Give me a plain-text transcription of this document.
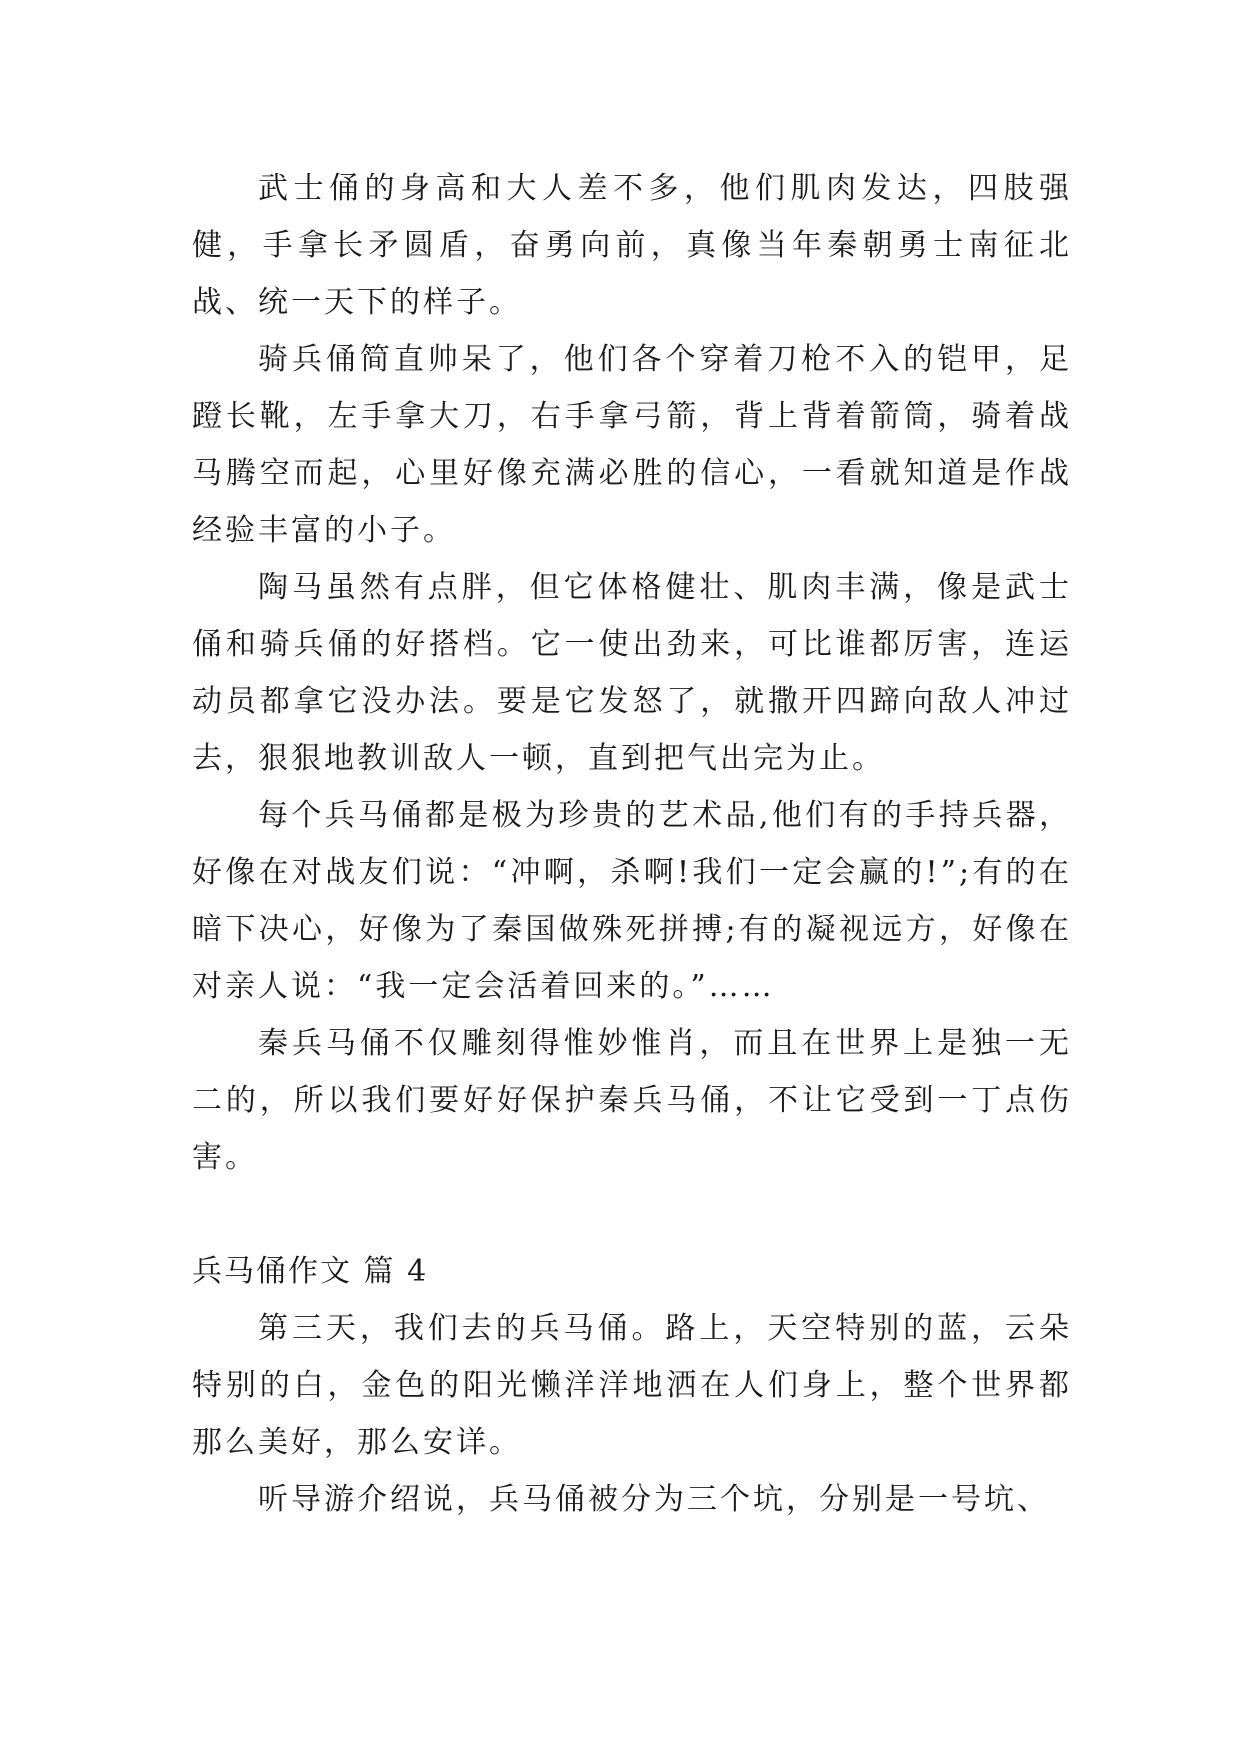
武士俑的身高和大人差不多，他们肌肉发达，四肢强健，手拿长矛圆盾，奋勇向前，真像当年秦朝勇士南征北战、统一天下的样子。

骑兵俑简直帅呆了，他们各个穿着刀枪不入的铠甲，足蹬长靴，左手拿大刀，右手拿弓箭，背上背着箭筒，骑着战马腾空而起，心里好像充满必胜的信心，一看就知道是作战经验丰富的小子。

陶马虽然有点胖，但它体格健壮、肌肉丰满，像是武士俑和骑兵俑的好搭档。它一使出劲来，可比谁都厉害，连运动员都拿它没办法。要是它发怒了，就撒开四蹄向敌人冲过去，狠狠地教训敌人一顿，直到把气出完为止。

每个兵马俑都是极为珍贵的艺术品,他们有的手持兵器，好像在对战友们说：“冲啊，杀啊!我们一定会赢的!”;有的在暗下决心，好像为了秦国做殊死拼搏;有的凝视远方，好像在对亲人说：“我一定会活着回来的。”……

秦兵马俑不仅雕刻得惟妙惟肖，而且在世界上是独一无二的，所以我们要好好保护秦兵马俑，不让它受到一丁点伤害。

兵马俑作文 篇 4

第三天，我们去的兵马俑。路上，天空特别的蓝，云朵特别的白，金色的阳光懒洋洋地洒在人们身上，整个世界都那么美好，那么安详。

听导游介绍说，兵马俑被分为三个坑，分别是一号坑、
